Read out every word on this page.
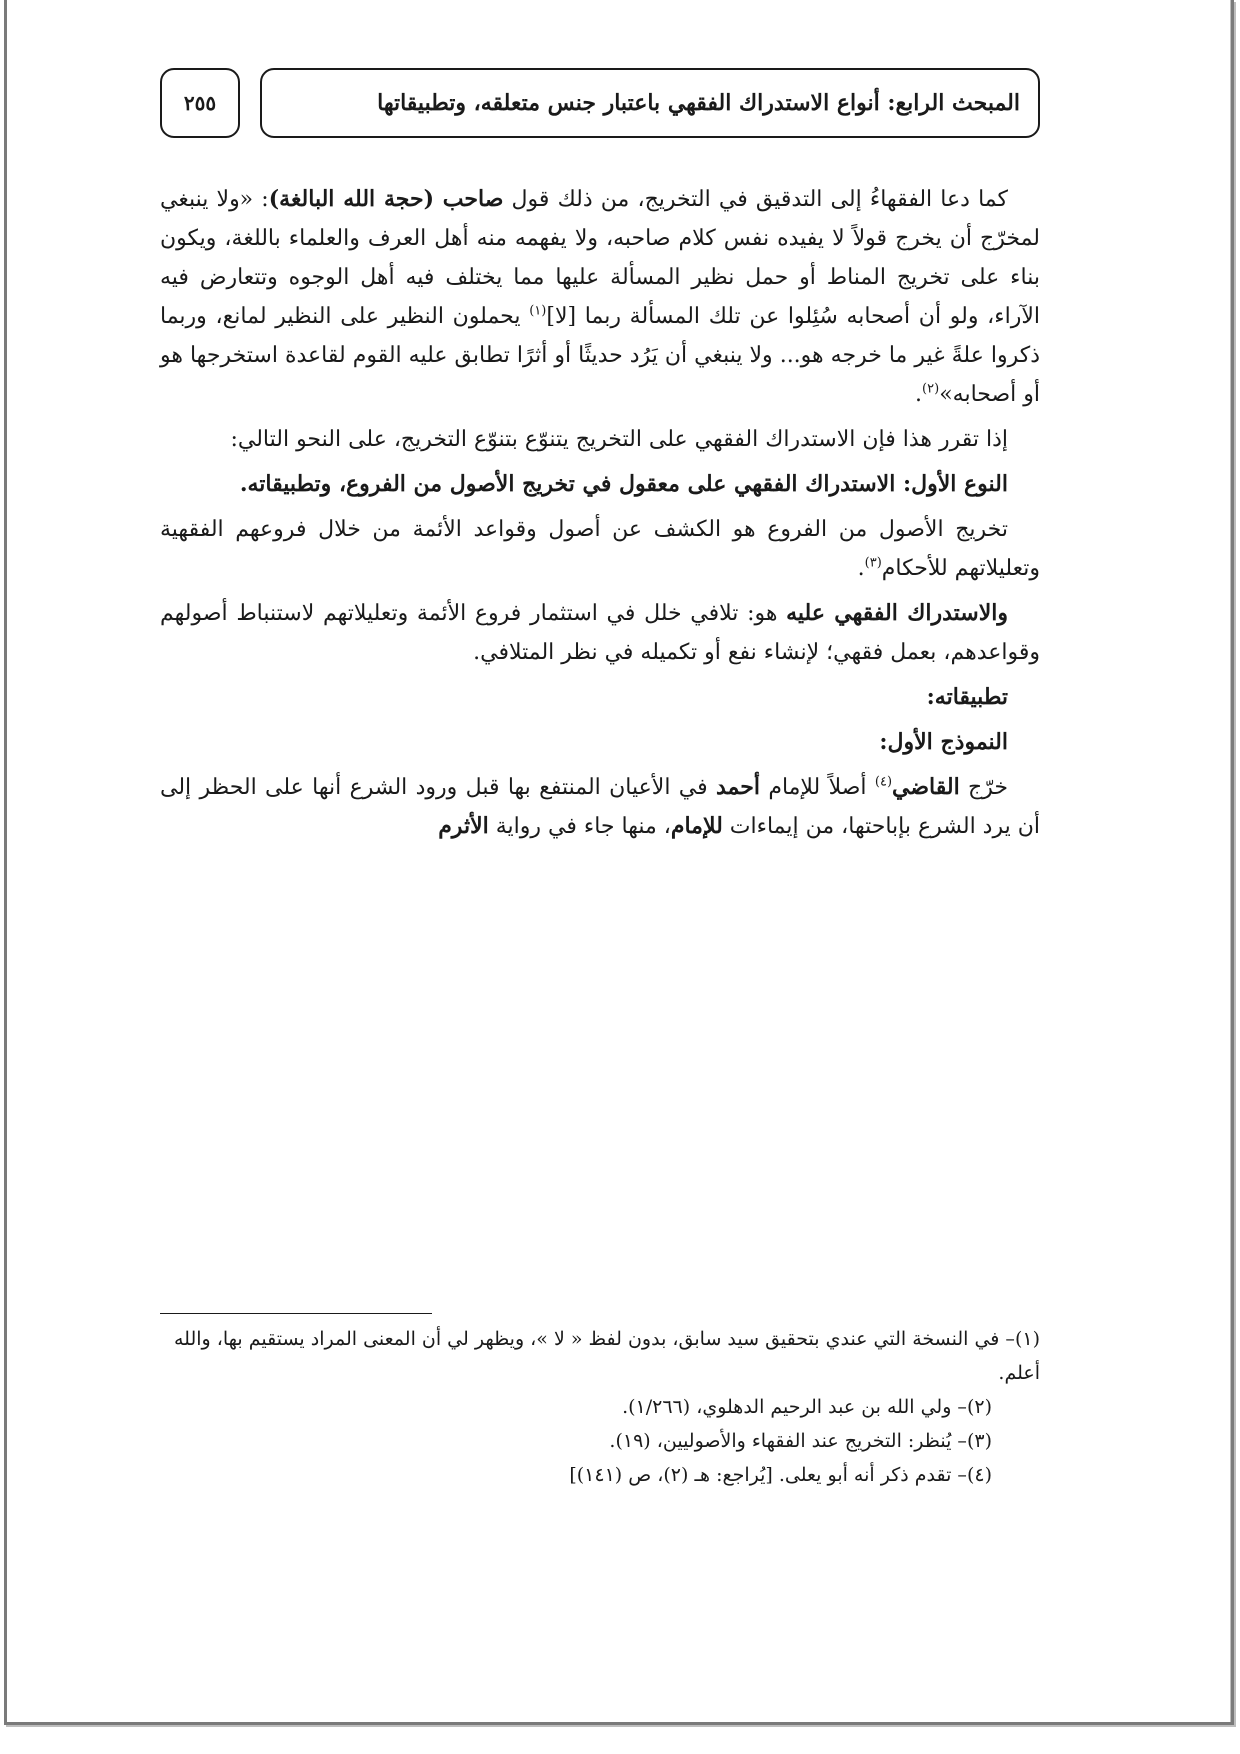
المبحث الرابع: أنواع الاستدراك الفقهي باعتبار جنس متعلقه، وتطبيقاتها
٢٥٥

كما دعا الفقهاءُ إلى التدقيق في التخريج، من ذلك قول صاحب (حجة الله البالغة): «ولا ينبغي لمخرّج أن يخرج قولاً لا يفيده نفس كلام صاحبه، ولا يفهمه منه أهل العرف والعلماء باللغة، ويكون بناء على تخريج المناط أو حمل نظير المسألة عليها مما يختلف فيه أهل الوجوه وتتعارض فيه الآراء، ولو أن أصحابه سُئِلوا عن تلك المسألة ربما [لا]$^{(١)}$ يحملون النظير على النظير لمانع، وربما ذكروا علةً غير ما خرجه هو... ولا ينبغي أن يَرُد حديثًا أو أثرًا تطابق عليه القوم لقاعدة استخرجها هو أو أصحابه»$^{(٢)}$.

إذا تقرر هذا فإن الاستدراك الفقهي على التخريج يتنوّع بتنوّع التخريج، على النحو التالي:

النوع الأول: الاستدراك الفقهي على معقول في تخريج الأصول من الفروع، وتطبيقاته.

تخريج الأصول من الفروع هو الكشف عن أصول وقواعد الأئمة من خلال فروعهم الفقهية وتعليلاتهم للأحكام$^{(٣)}$.

والاستدراك الفقهي عليه هو: تلافي خلل في استثمار فروع الأئمة وتعليلاتهم لاستنباط أصولهم وقواعدهم، بعمل فقهي؛ لإنشاء نفع أو تكميله في نظر المتلافي.

تطبيقاته:

النموذج الأول:

خرّج القاضي$^{(٤)}$ أصلاً للإمام أحمد في الأعيان المنتفع بها قبل ورود الشرع أنها على الحظر إلى أن يرد الشرع بإباحتها، من إيماءات للإمام، منها جاء في رواية الأثرم

(١)– في النسخة التي عندي بتحقيق سيد سابق، بدون لفظ « لا »، ويظهر لي أن المعنى المراد يستقيم بها، والله أعلم.

(٢)– ولي الله بن عبد الرحيم الدهلوي، (١/٢٦٦).

(٣)– يُنظر: التخريج عند الفقهاء والأصوليين، (١٩).

(٤)– تقدم ذكر أنه أبو يعلى. [يُراجع: هـ (٢)، ص (١٤١)]
